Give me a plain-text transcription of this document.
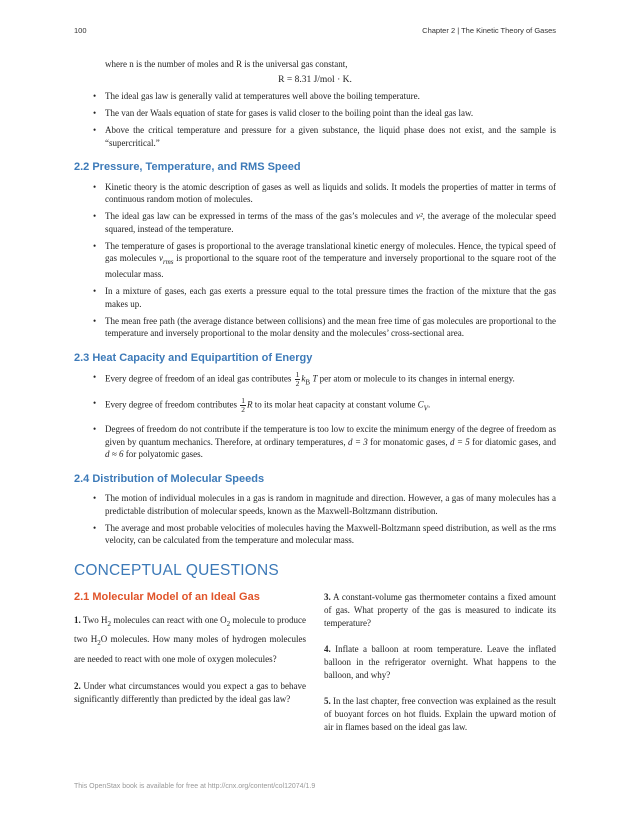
100	Chapter 2 | The Kinetic Theory of Gases
where n is the number of moles and R is the universal gas constant,
R = 8.31 J/mol · K.
• The ideal gas law is generally valid at temperatures well above the boiling temperature.
• The van der Waals equation of state for gases is valid closer to the boiling point than the ideal gas law.
• Above the critical temperature and pressure for a given substance, the liquid phase does not exist, and the sample is “supercritical.”
2.2 Pressure, Temperature, and RMS Speed
• Kinetic theory is the atomic description of gases as well as liquids and solids. It models the properties of matter in terms of continuous random motion of molecules.
• The ideal gas law can be expressed in terms of the mass of the gas’s molecules and v², the average of the molecular speed squared, instead of the temperature.
• The temperature of gases is proportional to the average translational kinetic energy of molecules. Hence, the typical speed of gas molecules $v_{rms}$ is proportional to the square root of the temperature and inversely proportional to the square root of the molecular mass.
• In a mixture of gases, each gas exerts a pressure equal to the total pressure times the fraction of the mixture that the gas makes up.
• The mean free path (the average distance between collisions) and the mean free time of gas molecules are proportional to the temperature and inversely proportional to the molar density and the molecules’ cross-sectional area.
2.3 Heat Capacity and Equipartition of Energy
• Every degree of freedom of an ideal gas contributes $\frac{1}{2} k_B$ T per atom or molecule to its changes in internal energy.
• Every degree of freedom contributes $\frac{1}{2}$ R to its molar heat capacity at constant volume $C_V$.
• Degrees of freedom do not contribute if the temperature is too low to excite the minimum energy of the degree of freedom as given by quantum mechanics. Therefore, at ordinary temperatures, d = 3 for monatomic gases, d = 5 for diatomic gases, and d ≈ 6 for polyatomic gases.
2.4 Distribution of Molecular Speeds
• The motion of individual molecules in a gas is random in magnitude and direction. However, a gas of many molecules has a predictable distribution of molecular speeds, known as the Maxwell-Boltzmann distribution.
• The average and most probable velocities of molecules having the Maxwell-Boltzmann speed distribution, as well as the rms velocity, can be calculated from the temperature and molecular mass.
CONCEPTUAL QUESTIONS
2.1 Molecular Model of an Ideal Gas
1. Two $H_2$ molecules can react with one $O_2$ molecule to produce two $H_2O$ molecules. How many moles of hydrogen molecules are needed to react with one mole of oxygen molecules?
2. Under what circumstances would you expect a gas to behave significantly differently than predicted by the ideal gas law?
3. A constant-volume gas thermometer contains a fixed amount of gas. What property of the gas is measured to indicate its temperature?
4. Inflate a balloon at room temperature. Leave the inflated balloon in the refrigerator overnight. What happens to the balloon, and why?
5. In the last chapter, free convection was explained as the result of buoyant forces on hot fluids. Explain the upward motion of air in flames based on the ideal gas law.
This OpenStax book is available for free at http://cnx.org/content/col12074/1.9
